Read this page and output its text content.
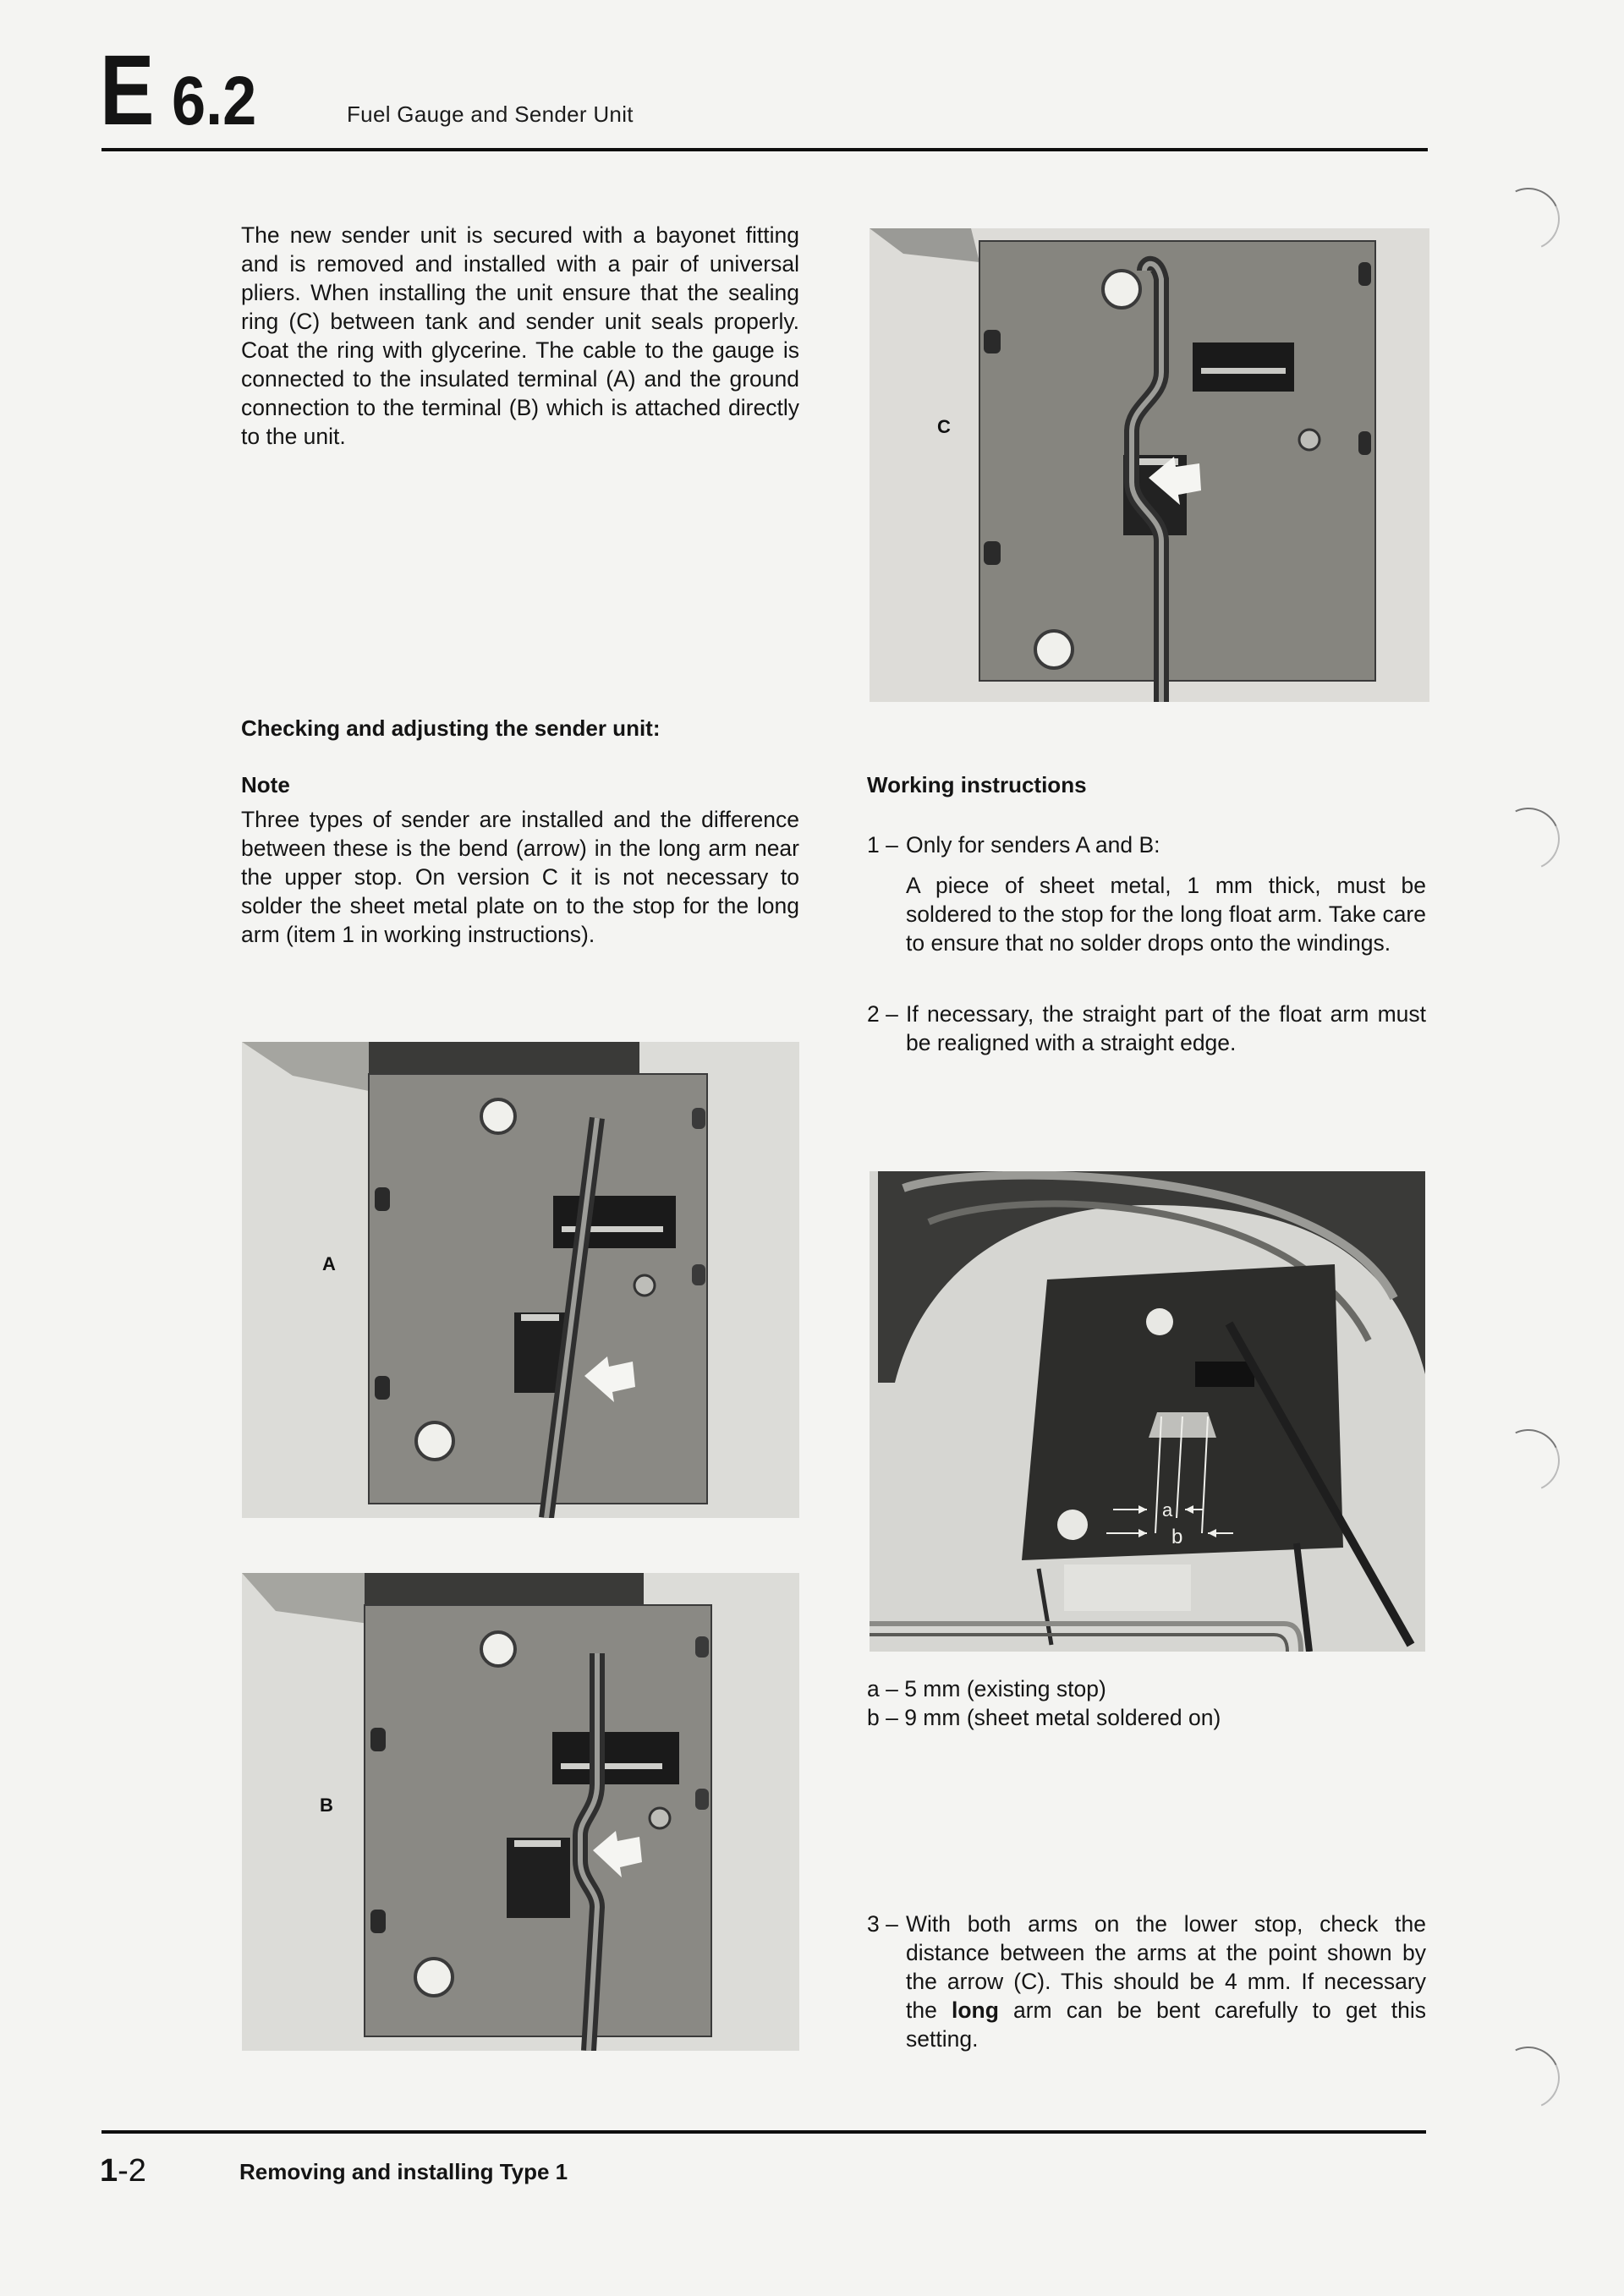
E 6.2	Fuel Gauge and Sender Unit
The new sender unit is secured with a bayonet fitting and is removed and installed with a pair of universal pliers. When installing the unit ensure that the sealing ring (C) between tank and sender unit seals properly. Coat the ring with glycerine. The cable to the gauge is connected to the insulated terminal (A) and the ground connection to the terminal (B) which is attached directly to the unit.	C
Checking and adjusting the sender unit:
Note
Three types of sender are installed and the difference between these is the bend (arrow) in the long arm near the upper stop. On version C it is not necessary to solder the sheet metal plate on to the stop for the long arm (item 1 in working instructions).
Working instructions
1 – Only for senders A and B:
A piece of sheet metal, 1 mm thick, must be soldered to the stop for the long float arm. Take care to ensure that no solder drops onto the windings.
2 – If necessary, the straight part of the float arm must be realigned with a straight edge.
A
a
b
a – 5 mm (existing stop)
b – 9 mm (sheet metal soldered on)
B
3 – With both arms on the lower stop, check the distance between the arms at the point shown by the arrow (C). This should be 4 mm. If necessary the long arm can be bent carefully to get this setting.
1-2	Removing and installing Type 1
